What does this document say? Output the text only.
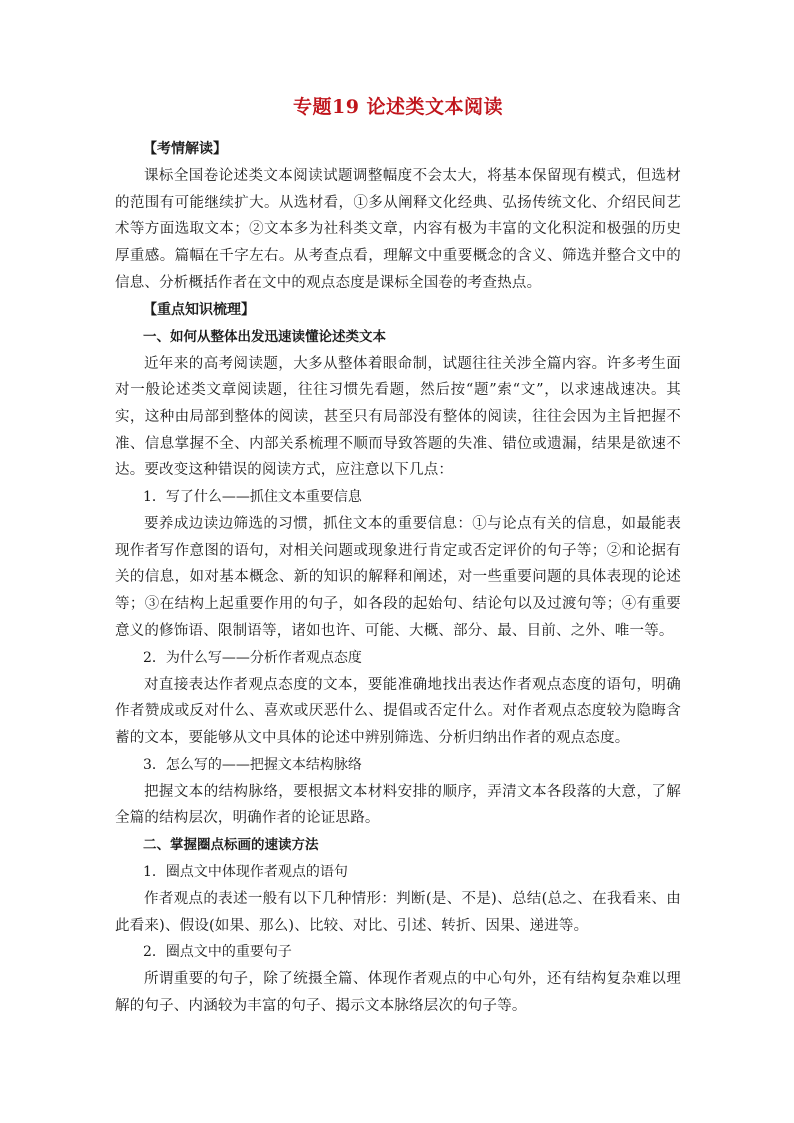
专题19 论述类文本阅读

【考情解读】

课标全国卷论述类文本阅读试题调整幅度不会太大，将基本保留现有模式，但选材的范围有可能继续扩大。从选材看，①多从阐释文化经典、弘扬传统文化、介绍民间艺术等方面选取文本；②文本多为社科类文章，内容有极为丰富的文化积淀和极强的历史厚重感。篇幅在千字左右。从考查点看，理解文中重要概念的含义、筛选并整合文中的信息、分析概括作者在文中的观点态度是课标全国卷的考查热点。

【重点知识梳理】

一、如何从整体出发迅速读懂论述类文本

近年来的高考阅读题，大多从整体着眼命制，试题往往关涉全篇内容。许多考生面对一般论述类文章阅读题，往往习惯先看题，然后按“题”索“文”，以求速战速决。其实，这种由局部到整体的阅读，甚至只有局部没有整体的阅读，往往会因为主旨把握不准、信息掌握不全、内部关系梳理不顺而导致答题的失准、错位或遗漏，结果是欲速不达。要改变这种错误的阅读方式，应注意以下几点：

1．写了什么——抓住文本重要信息

要养成边读边筛选的习惯，抓住文本的重要信息：①与论点有关的信息，如最能表现作者写作意图的语句，对相关问题或现象进行肯定或否定评价的句子等；②和论据有关的信息，如对基本概念、新的知识的解释和阐述，对一些重要问题的具体表现的论述等；③在结构上起重要作用的句子，如各段的起始句、结论句以及过渡句等；④有重要意义的修饰语、限制语等，诸如也许、可能、大概、部分、最、目前、之外、唯一等。

2．为什么写——分析作者观点态度

对直接表达作者观点态度的文本，要能准确地找出表达作者观点态度的语句，明确作者赞成或反对什么、喜欢或厌恶什么、提倡或否定什么。对作者观点态度较为隐晦含蓄的文本，要能够从文中具体的论述中辨别筛选、分析归纳出作者的观点态度。

3．怎么写的——把握文本结构脉络

把握文本的结构脉络，要根据文本材料安排的顺序，弄清文本各段落的大意，了解全篇的结构层次，明确作者的论证思路。

二、掌握圈点标画的速读方法

1．圈点文中体现作者观点的语句

作者观点的表述一般有以下几种情形：判断(是、不是)、总结(总之、在我看来、由此看来)、假设(如果、那么)、比较、对比、引述、转折、因果、递进等。

2．圈点文中的重要句子

所谓重要的句子，除了统摄全篇、体现作者观点的中心句外，还有结构复杂难以理解的句子、内涵较为丰富的句子、揭示文本脉络层次的句子等。
